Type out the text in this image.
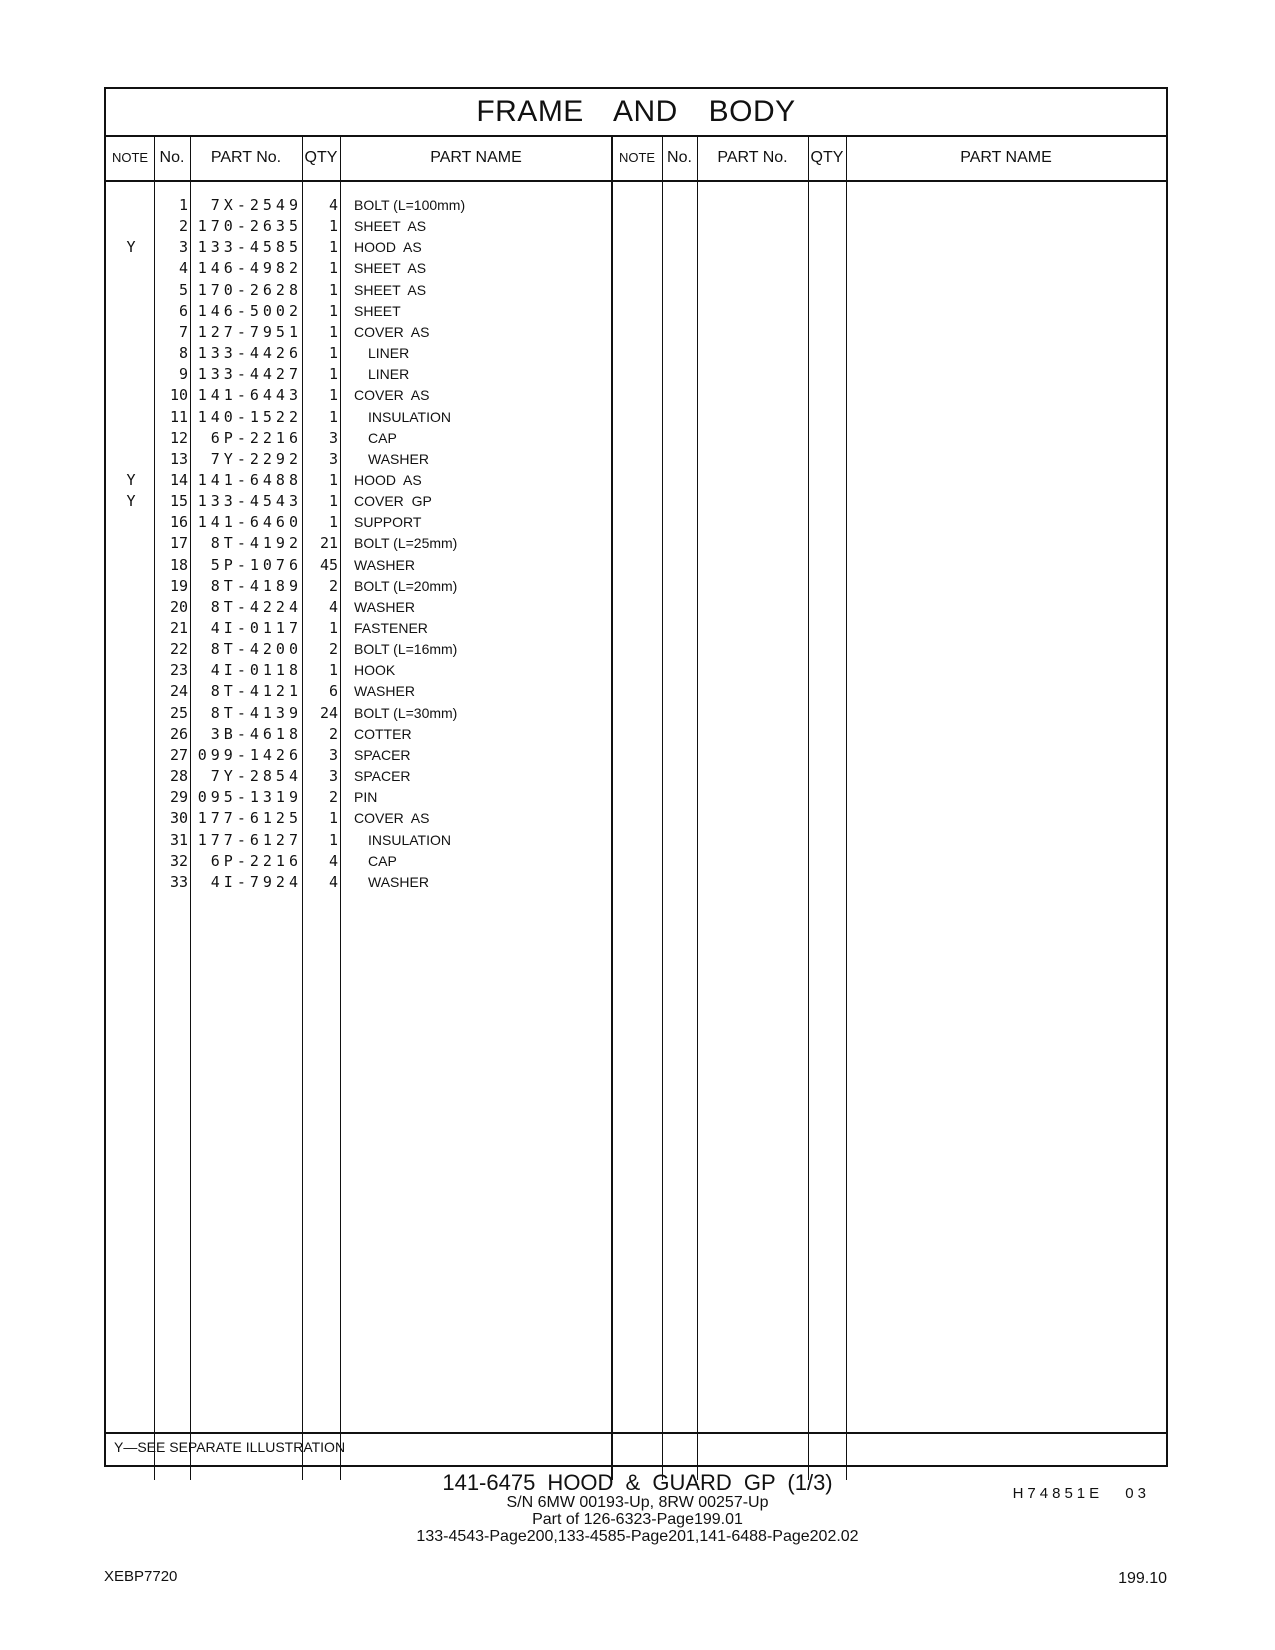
FRAME AND BODY
NOTE No.	PART No.	QTY	PART NAME	NOTE No.	PART No.	QTY	PART NAME
1	7X-2549	4 BOLT (L=100mm)
2 170-2635	1 SHEET  AS
Y	3 133-4585	1 HOOD  AS
4 146-4982	1 SHEET  AS
5 170-2628	1 SHEET  AS
6 146-5002	1 SHEET
7 127-7951	1 COVER  AS
8 133-4426	1 LINER
9 133-4427	1 LINER
10 141-6443	1 COVER  AS
11 140-1522	1 INSULATION
12	6P-2216	3 CAP
13	7Y-2292	3 WASHER
Y	14 141-6488	1 HOOD  AS
Y	15 133-4543	1 COVER  GP
16 141-6460	1 SUPPORT
17	8T-4192	21 BOLT (L=25mm)
18	5P-1076	45 WASHER
19	8T-4189	2 BOLT (L=20mm)
20	8T-4224	4 WASHER
21	4I-0117	1 FASTENER
22	8T-4200	2 BOLT (L=16mm)
23	4I-0118	1 HOOK
24	8T-4121	6 WASHER
25	8T-4139	24 BOLT (L=30mm)
26	3B-4618	2 COTTER
27 099-1426	3 SPACER
28	7Y-2854	3 SPACER
29 095-1319	2 PIN
30 177-6125	1 COVER  AS
31 177-6127	1 INSULATION
32	6P-2216	4 CAP
33	4I-7924	4 WASHER
Y—SEE SEPARATE ILLUSTRATION
H74851E 03
141-6475 HOOD & GUARD GP (1/3)
S/N 6MW 00193-Up, 8RW 00257-Up
Part of 126-6323-Page199.01
133-4543-Page200,133-4585-Page201,141-6488-Page202.02
XEBP7720	199.10
